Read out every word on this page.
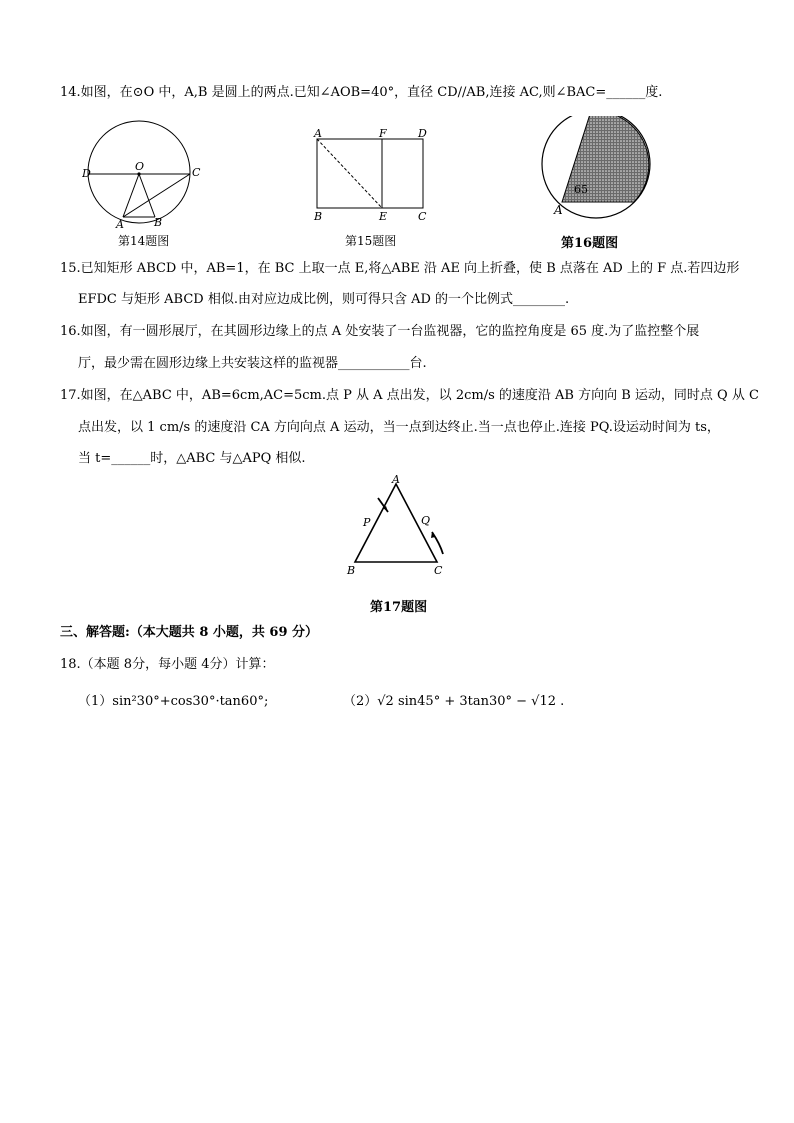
14.如图，在⊙O 中，A,B 是圆上的两点.已知∠AOB=40°，直径 CD//AB,连接 AC,则∠BAC=______度.
O
D	C
A	B
第14题图
A	F	D
B	E	C
第15题图
A
65
第16题图
15.已知矩形 ABCD 中，AB=1，在 BC 上取一点 E,将△ABE 沿 AE 向上折叠，使 B 点落在 AD 上的 F 点.若四边形
EFDC 与矩形 ABCD 相似.由对应边成比例，则可得只含 AD 的一个比例式________.
16.如图，有一圆形展厅，在其圆形边缘上的点 A 处安装了一台监视器，它的监控角度是 65 度.为了监控整个展
厅，最少需在圆形边缘上共安装这样的监视器___________台.
17.如图，在△ABC 中，AB=6cm,AC=5cm.点 P 从 A 点出发，以 2cm/s 的速度沿 AB 方向向 B 运动，同时点 Q 从 C
点出发，以 1 cm/s 的速度沿 CA 方向向点 A 运动，当一点到达终止.当一点也停止.连接 PQ.设运动时间为 ts，
当 t=______时，△ABC 与△APQ 相似.
A
B	C
P	Q
第17题图
三、解答题:（本大题共 8 小题，共 69 分）
18.（本题 8分，每小题 4分）计算：
（1）sin²30°+cos30°·tan60°;	（2）√2 sin45° + 3tan30° − √12 .
